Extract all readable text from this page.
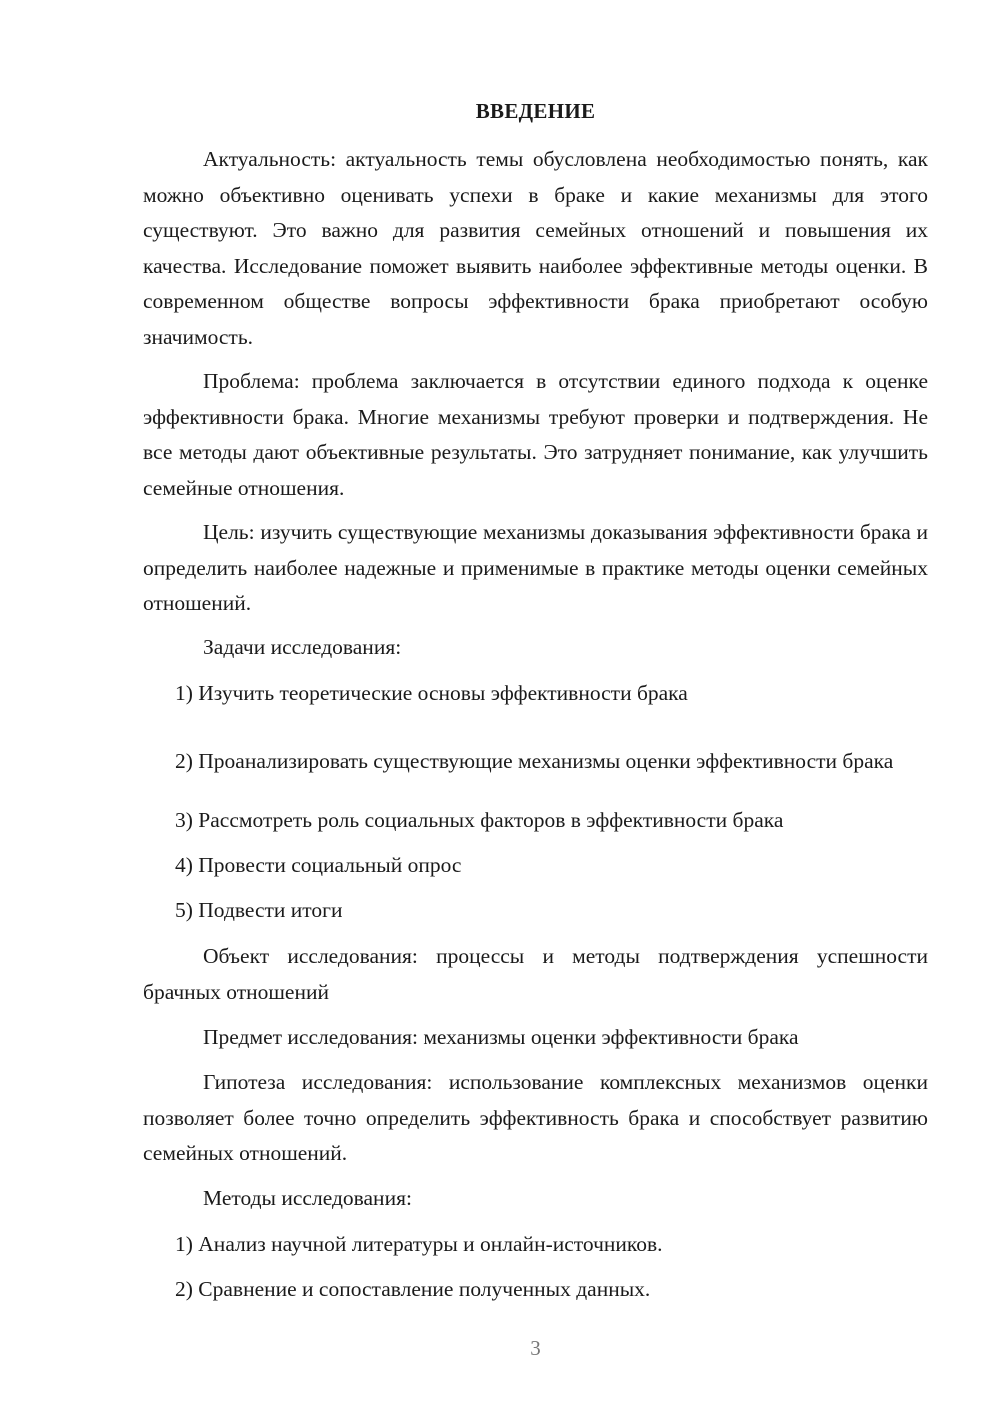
ВВЕДЕНИЕ

Актуальность: актуальность темы обусловлена необходимостью понять, как можно объективно оценивать успехи в браке и какие механизмы для этого существуют. Это важно для развития семейных отношений и повышения их качества. Исследование поможет выявить наиболее эффективные методы оценки. В современном обществе вопросы эффективности брака приобретают особую значимость.

Проблема: проблема заключается в отсутствии единого подхода к оценке эффективности брака. Многие механизмы требуют проверки и подтверждения. Не все методы дают объективные результаты. Это затрудняет понимание, как улучшить семейные отношения.

Цель: изучить существующие механизмы доказывания эффективности брака и определить наиболее надежные и применимые в практике методы оценки семейных отношений.

Задачи исследования:

1) Изучить теоретические основы эффективности брака

2) Проанализировать существующие механизмы оценки эффективности брака

3) Рассмотреть роль социальных факторов в эффективности брака
4) Провести социальный опрос
5) Подвести итоги

Объект исследования: процессы и методы подтверждения успешности брачных отношений

Предмет исследования: механизмы оценки эффективности брака

Гипотеза исследования: использование комплексных механизмов оценки позволяет более точно определить эффективность брака и способствует развитию семейных отношений.

Методы исследования:

1) Анализ научной литературы и онлайн-источников.
2) Сравнение и сопоставление полученных данных.
3
